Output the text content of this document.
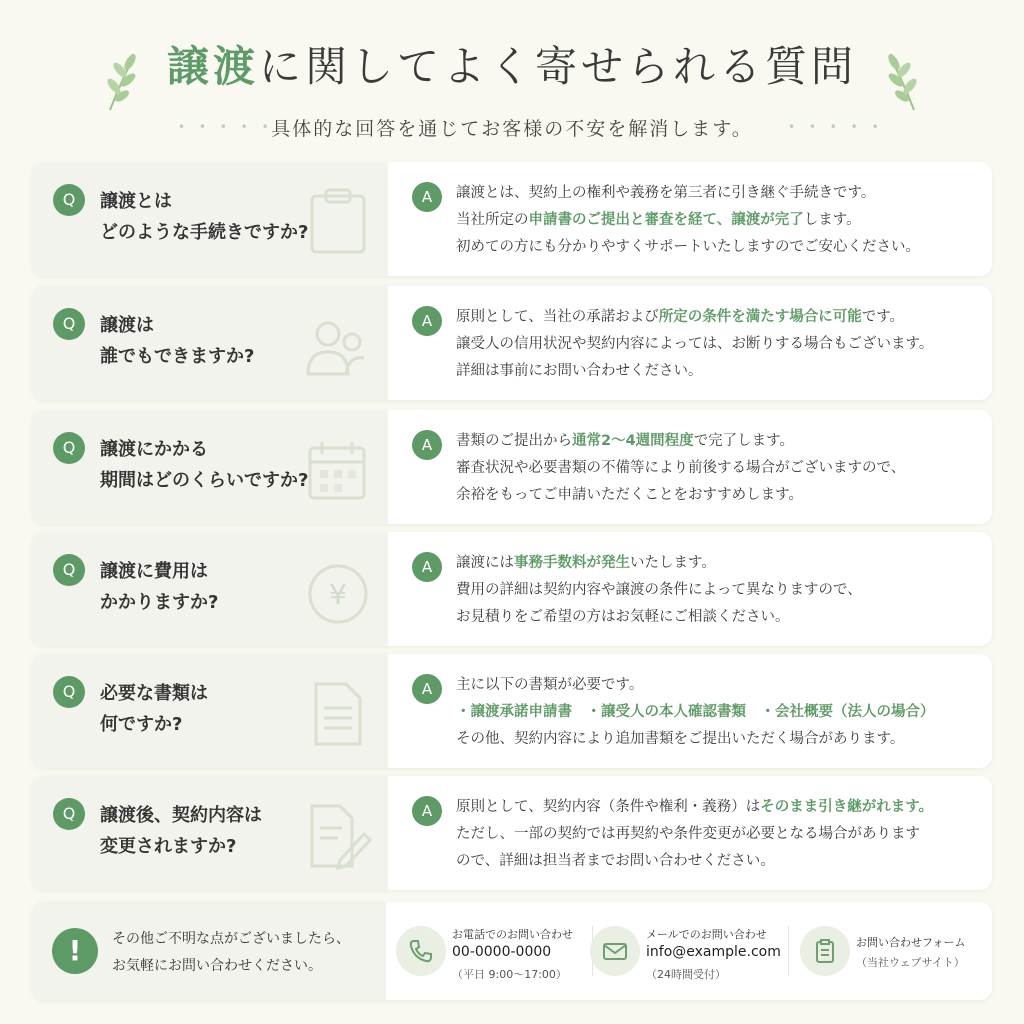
譲渡に関してよく寄せられる質問
• • • • •
具体的な回答を通じてお客様の不安を解消します。	• • • • •
Q	譲渡とは
どのような手続きですか?
A	譲渡とは、契約上の権利や義務を第三者に引き継ぐ手続きです。
当社所定の申請書のご提出と審査を経て、譲渡が完了します。
初めての方にも分かりやすくサポートいたしますのでご安心ください。
Q	譲渡は
誰でもできますか?
A	原則として、当社の承諾および所定の条件を満たす場合に可能です。
譲受人の信用状況や契約内容によっては、お断りする場合もございます。
詳細は事前にお問い合わせください。
Q	譲渡にかかる
期間はどのくらいですか?
A	書類のご提出から通常2〜4週間程度で完了します。
審査状況や必要書類の不備等により前後する場合がございますので、
余裕をもってご申請いただくことをおすすめします。
Q	譲渡に費用は
かかりますか?	¥
A	譲渡には事務手数料が発生いたします。
費用の詳細は契約内容や譲渡の条件によって異なりますので、
お見積りをご希望の方はお気軽にご相談ください。
Q	必要な書類は
何ですか?
A	主に以下の書類が必要です。
・譲渡承諾申請書　 ・譲受人の本人確認書類　 ・会社概要（法人の場合）
その他、契約内容により追加書類をご提出いただく場合があります。
Q	譲渡後、契約内容は
変更されますか?
A	原則として、契約内容（条件や権利・義務）はそのまま引き継がれます。
ただし、一部の契約では再契約や条件変更が必要となる場合があります
ので、詳細は担当者までお問い合わせください。
!	その他ご不明な点がございましたら、
お気軽にお問い合わせください。
お電話でのお問い合わせ
00-0000-0000
（平日 9:00〜17:00）
メールでのお問い合わせ
info@example.com
（24時間受付）
お問い合わせフォーム
（当社ウェブサイト）
